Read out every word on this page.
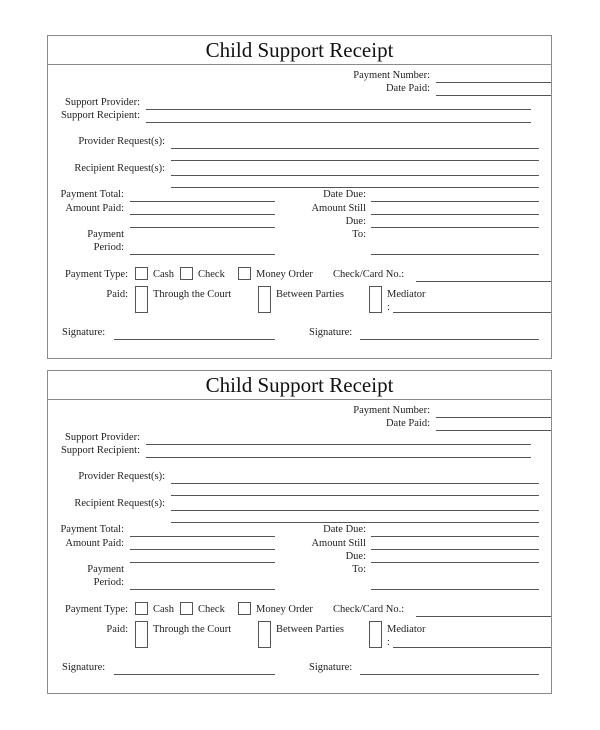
Child Support Receipt
Payment Number:
Date Paid:
Support Provider:
Support Recipient:
Provider Request(s):
Recipient Request(s):
Payment Total:
Amount Paid:
Payment
Period:
Date Due:
Amount Still
Due:
To:
Payment Type: Cash Check	Money Order Check/Card No.:
Paid: Through the Court	Between Parties	Mediator
:
Signature:	Signature:
Child Support Receipt
Payment Number:
Date Paid:
Support Provider:
Support Recipient:
Provider Request(s):
Recipient Request(s):
Payment Total:
Amount Paid:
Payment
Period:
Date Due:
Amount Still
Due:
To:
Payment Type: Cash Check	Money Order Check/Card No.:
Paid: Through the Court	Between Parties	Mediator
:
Signature:	Signature:
